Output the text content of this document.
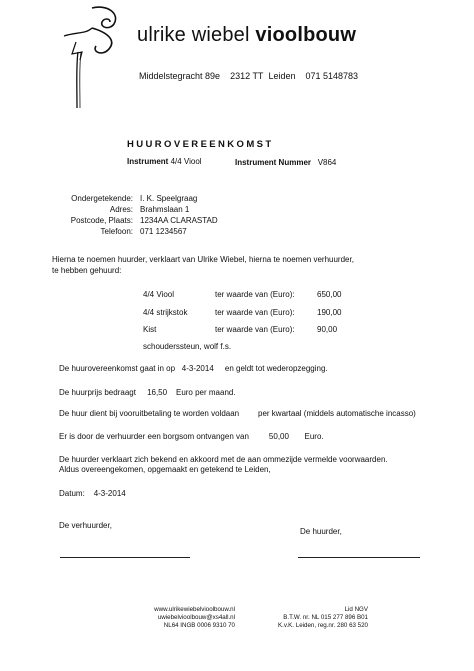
ulrike wiebel vioolbouw
Middelstegracht 89e 2312 TT Leiden 071 5148783
HUUROVEREENKOMST
Instrument 4/4 Viool	Instrument Nummer V864
Ondergetekende: I. K. Speelgraag
Adres: Brahmslaan 1
Postcode, Plaats: 1234AA CLARASTAD
Telefoon: 071 1234567
Hierna te noemen huurder, verklaart van Ulrike Wiebel, hierna te noemen verhuurder,
te hebben gehuurd:
4/4 Viool	ter waarde van (Euro):	650,00
4/4 strijkstok	ter waarde van (Euro):	190,00
Kist	ter waarde van (Euro):	90,00
schouderssteun, wolf f.s.
De huurovereenkomst gaat in op 4-3-2014 en geldt tot wederopzegging.
De huurprijs bedraagt 16,50 Euro per maand.
De huur dient bij vooruitbetaling te worden voldaan per kwartaal (middels automatische incasso)
Er is door de verhuurder een borgsom ontvangen van	50,00 Euro.
De huurder verklaart zich bekend en akkoord met de aan ommezijde vermelde voorwaarden.
Aldus overeengekomen, opgemaakt en getekend te Leiden,
Datum: 4-3-2014
De verhuurder,
De huurder,
www.ulrikewiebelvioolbouw.nl
uwiebelvioolbouw@xs4all.nl
NL64 INGB 0006 9310 70
Lid NGV
B.T.W. nr. NL 015 277 896 B01
K.v.K. Leiden, reg.nr. 280 63 520
